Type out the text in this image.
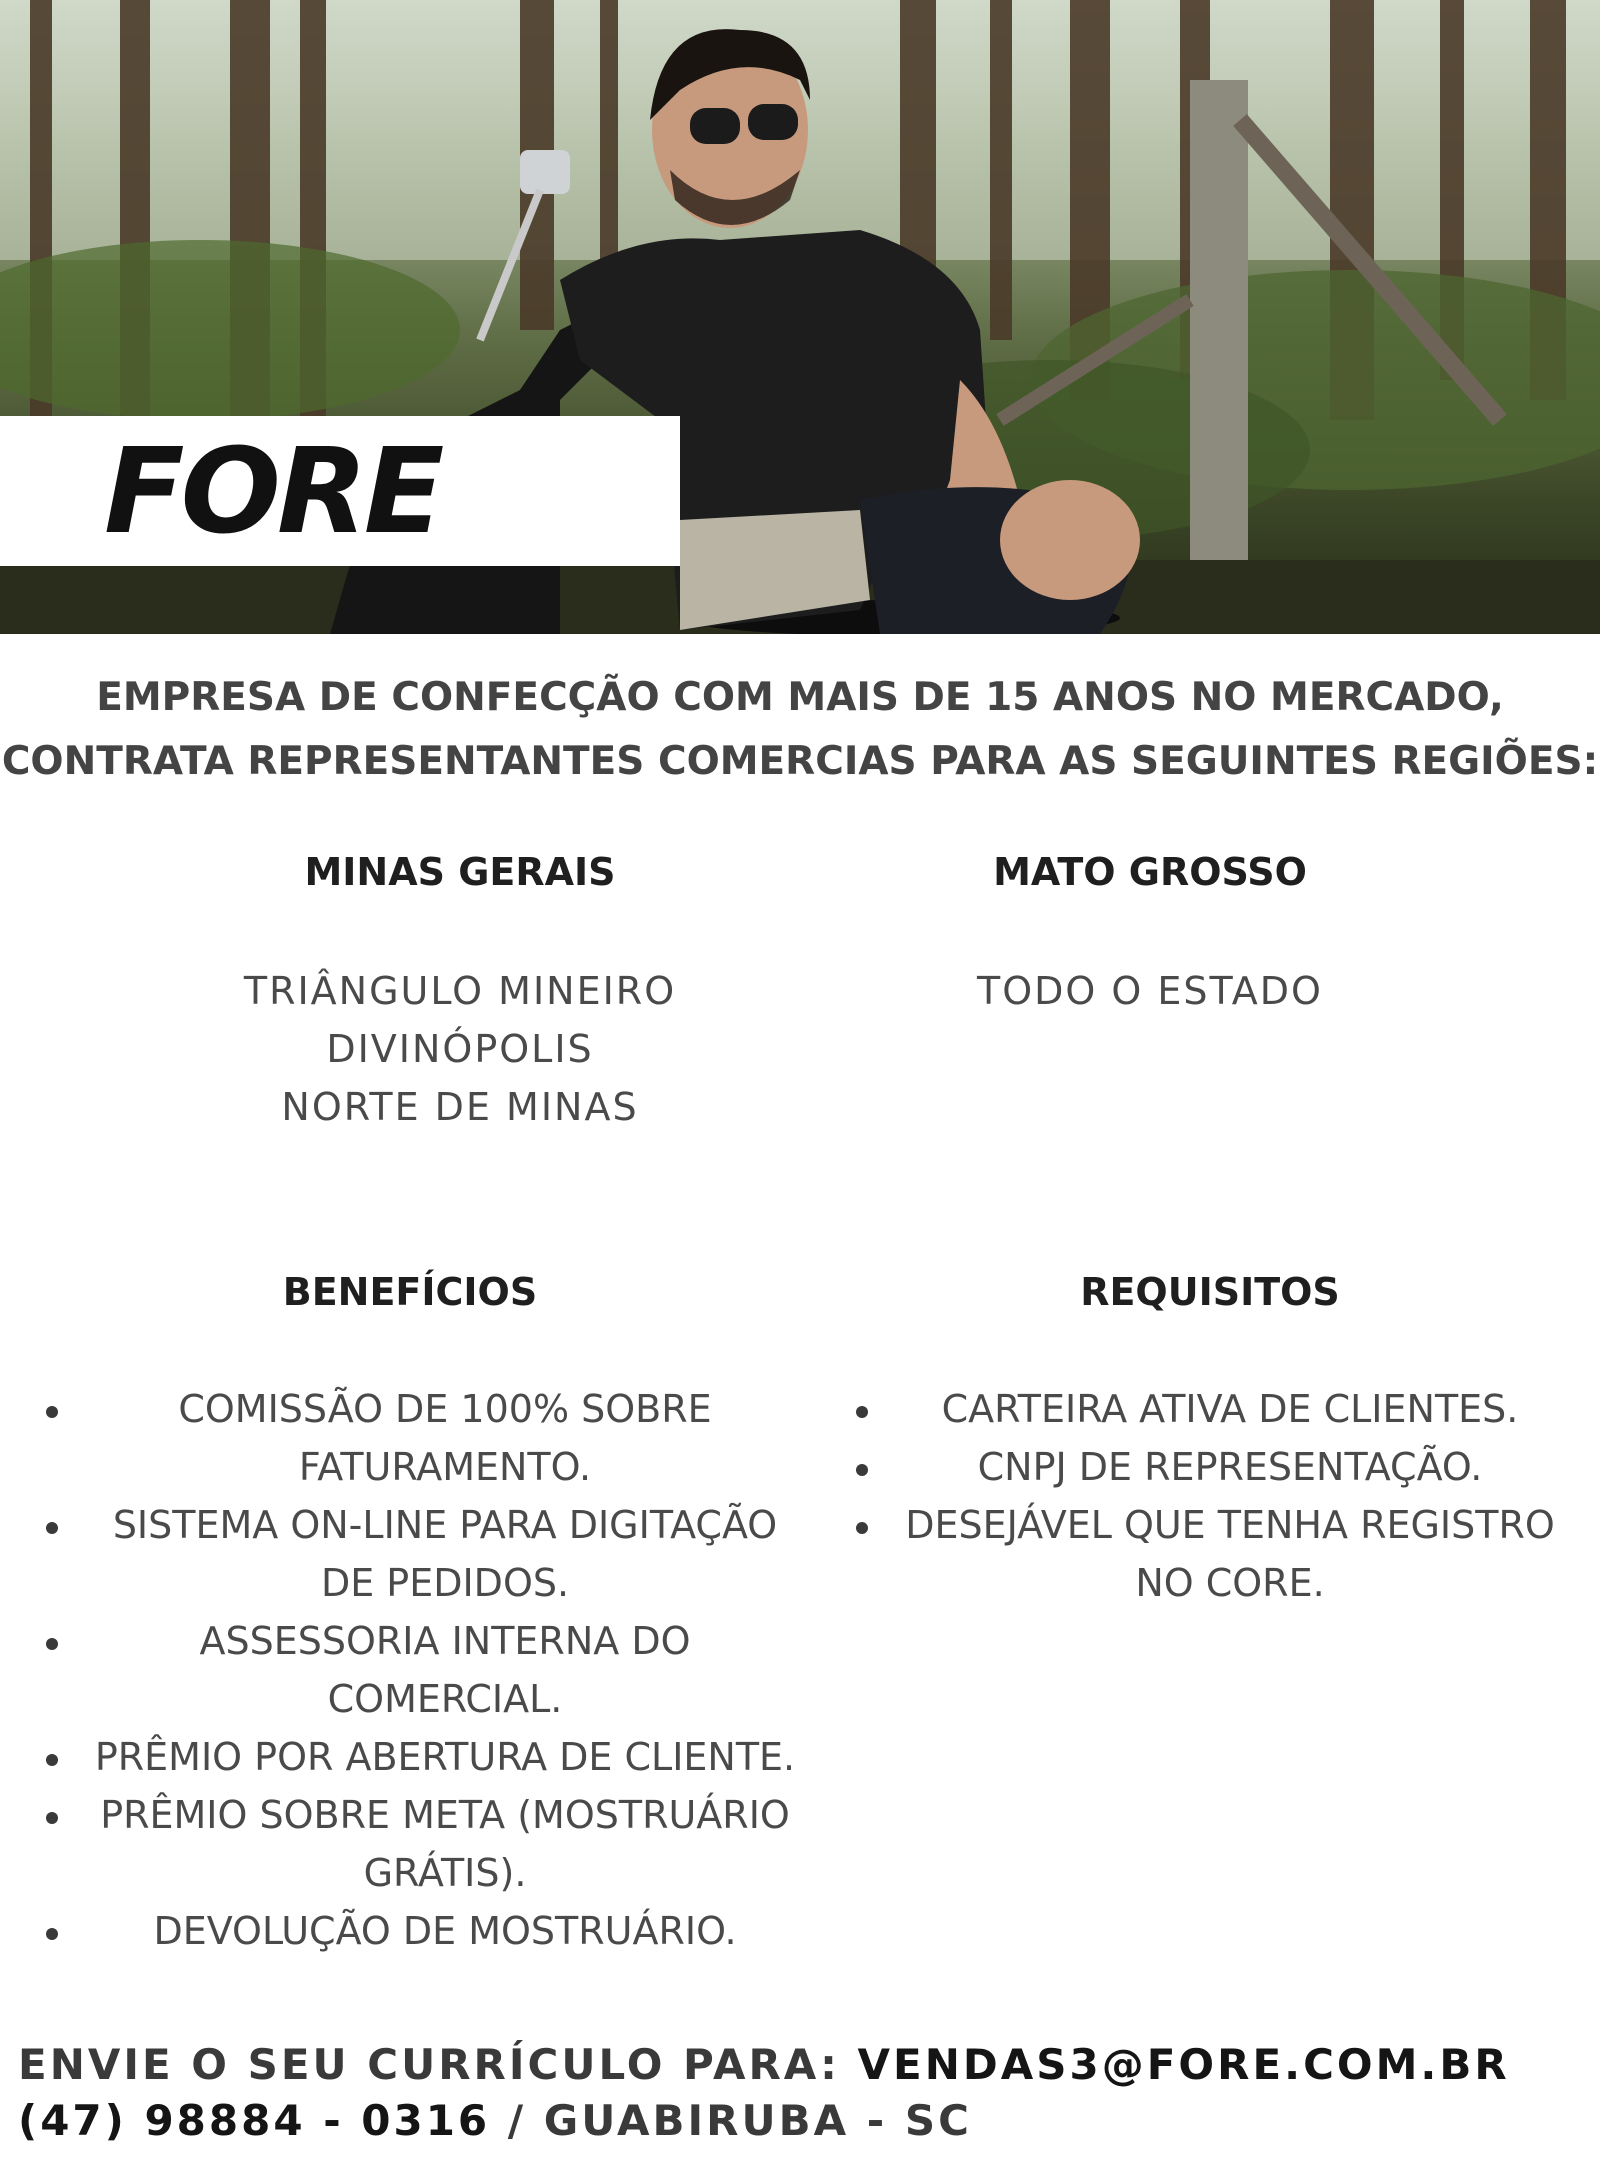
FORE
EMPRESA DE CONFECÇÃO COM MAIS DE 15 ANOS NO MERCADO,
CONTRATA REPRESENTANTES COMERCIAS PARA AS SEGUINTES REGIÕES:
MINAS GERAIS	MATO GROSSO
TRIÂNGULO MINEIRO
DIVINÓPOLIS
NORTE DE MINAS
TODO O ESTADO
BENEFÍCIOS
COMISSÃO DE 100% SOBRE FATURAMENTO.
SISTEMA ON-LINE PARA DIGITAÇÃO DE PEDIDOS.
ASSESSORIA INTERNA DO COMERCIAL.
PRÊMIO POR ABERTURA DE CLIENTE.
PRÊMIO SOBRE META (MOSTRUÁRIO GRÁTIS).
DEVOLUÇÃO DE MOSTRUÁRIO.
REQUISITOS
CARTEIRA ATIVA DE CLIENTES.
CNPJ DE REPRESENTAÇÃO.
DESEJÁVEL QUE TENHA REGISTRO NO CORE.
ENVIE O SEU CURRÍCULO PARA: VENDAS3@FORE.COM.BR
(47) 98884 - 0316 / GUABIRUBA - SC
